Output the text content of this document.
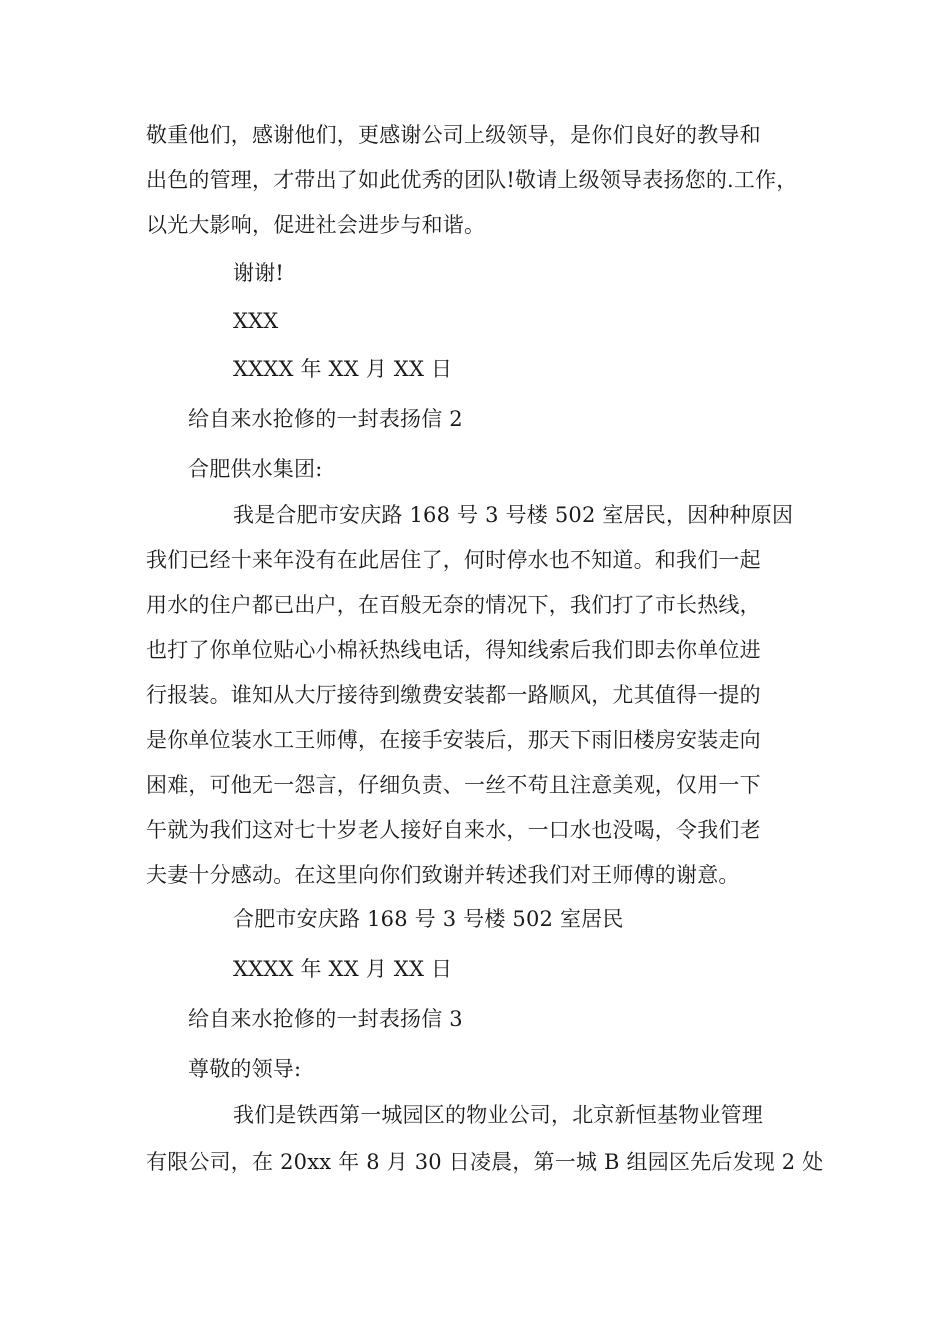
敬重他们，感谢他们，更感谢公司上级领导，是你们良好的教导和
出色的管理，才带出了如此优秀的团队!敬请上级领导表扬您的.工作，
以光大影响，促进社会进步与和谐。
谢谢!
XXX
XXXX 年 XX 月 XX 日
给自来水抢修的一封表扬信 2
合肥供水集团:
我是合肥市安庆路 168 号 3 号楼 502 室居民，因种种原因
我们已经十来年没有在此居住了，何时停水也不知道。和我们一起
用水的住户都已出户，在百般无奈的情况下，我们打了市长热线，
也打了你单位贴心小棉袄热线电话，得知线索后我们即去你单位进
行报装。谁知从大厅接待到缴费安装都一路顺风，尤其值得一提的
是你单位装水工王师傅，在接手安装后，那天下雨旧楼房安装走向
困难，可他无一怨言，仔细负责、一丝不苟且注意美观，仅用一下
午就为我们这对七十岁老人接好自来水，一口水也没喝，令我们老
夫妻十分感动。在这里向你们致谢并转述我们对王师傅的谢意。
合肥市安庆路 168 号 3 号楼 502 室居民
XXXX 年 XX 月 XX 日
给自来水抢修的一封表扬信 3
尊敬的领导:
我们是铁西第一城园区的物业公司，北京新恒基物业管理
有限公司，在 20xx 年 8 月 30 日凌晨，第一城 B 组园区先后发现 2 处
